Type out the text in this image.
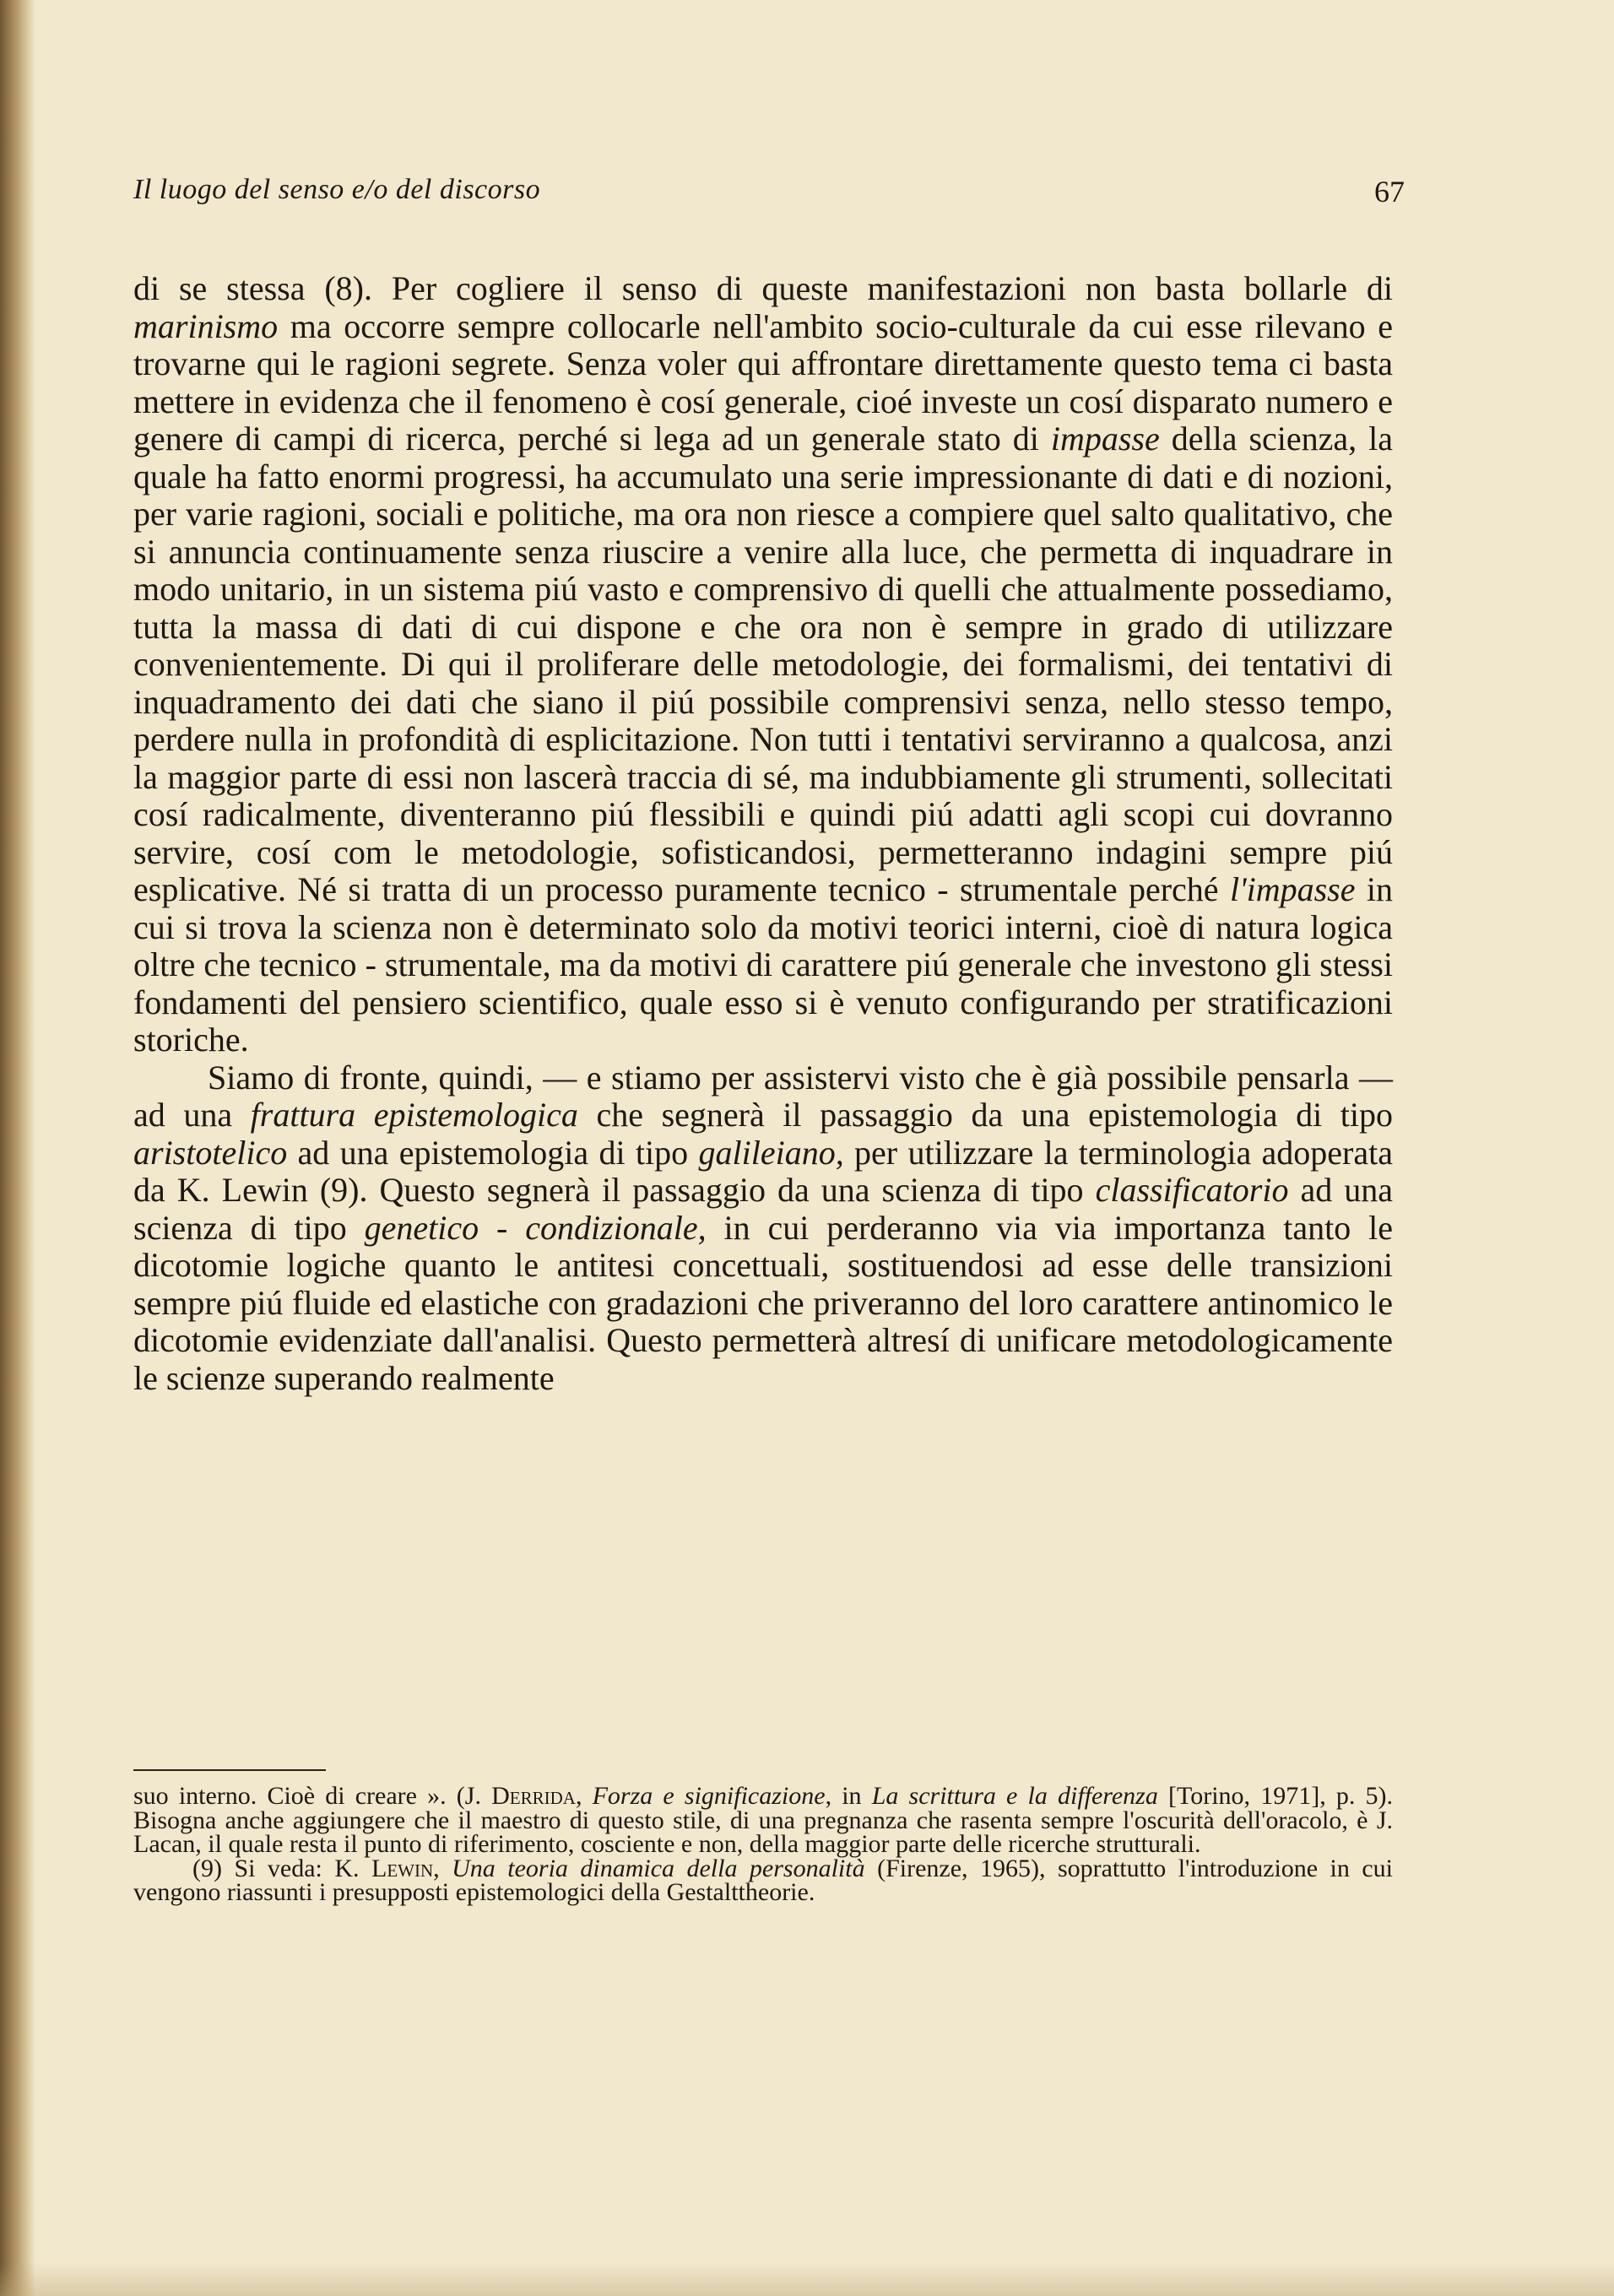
Il luogo del senso e/o del discorso	67

di se stessa (8). Per cogliere il senso di queste manifestazioni non basta bollarle di marinismo ma occorre sempre collocarle nell'ambito socio-culturale da cui esse rilevano e trovarne qui le ragioni segrete. Senza voler qui affrontare direttamente questo tema ci basta mettere in evidenza che il fenomeno è cosí generale, cioé investe un cosí disparato numero e genere di campi di ricerca, perché si lega ad un generale stato di impasse della scienza, la quale ha fatto enormi progressi, ha accumulato una serie impressionante di dati e di nozioni, per varie ragioni, sociali e politiche, ma ora non riesce a compiere quel salto qualitativo, che si annuncia continuamente senza riuscire a venire alla luce, che permetta di inquadrare in modo unitario, in un sistema piú vasto e comprensivo di quelli che attualmente possediamo, tutta la massa di dati di cui dispone e che ora non è sempre in grado di utilizzare convenientemente. Di qui il proliferare delle metodologie, dei formalismi, dei tentativi di inquadramento dei dati che siano il piú possibile comprensivi senza, nello stesso tempo, perdere nulla in profondità di esplicitazione. Non tutti i tentativi serviranno a qualcosa, anzi la maggior parte di essi non lascerà traccia di sé, ma indubbiamente gli strumenti, sollecitati cosí radicalmente, diventeranno piú flessibili e quindi piú adatti agli scopi cui dovranno servire, cosí com le metodologie, sofisticandosi, permetteranno indagini sempre piú esplicative. Né si tratta di un processo puramente tecnico - strumentale perché l'impasse in cui si trova la scienza non è determinato solo da motivi teorici interni, cioè di natura logica oltre che tecnico - strumentale, ma da motivi di carattere piú generale che investono gli stessi fondamenti del pensiero scientifico, quale esso si è venuto configurando per stratificazioni storiche.

Siamo di fronte, quindi, — e stiamo per assistervi visto che è già possibile pensarla — ad una frattura epistemologica che segnerà il passaggio da una epistemologia di tipo aristotelico ad una epistemologia di tipo galileiano, per utilizzare la terminologia adoperata da K. Lewin (9). Questo segnerà il passaggio da una scienza di tipo classificatorio ad una scienza di tipo genetico - condizionale, in cui perderanno via via importanza tanto le dicotomie logiche quanto le antitesi concettuali, sostituendosi ad esse delle transizioni sempre piú fluide ed elastiche con gradazioni che priveranno del loro carattere antinomico le dicotomie evidenziate dall'analisi. Questo permetterà altresí di unificare metodologicamente le scienze superando realmente

suo interno. Cioè di creare ». (J. Derrida, Forza e significazione, in La scrittura e la differenza [Torino, 1971], p. 5). Bisogna anche aggiungere che il maestro di questo stile, di una pregnanza che rasenta sempre l'oscurità dell'oracolo, è J. Lacan, il quale resta il punto di riferimento, cosciente e non, della maggior parte delle ricerche strutturali.

(9) Si veda: K. Lewin, Una teoria dinamica della personalità (Firenze, 1965), soprattutto l'introduzione in cui vengono riassunti i presupposti epistemologici della Gestalttheorie.
